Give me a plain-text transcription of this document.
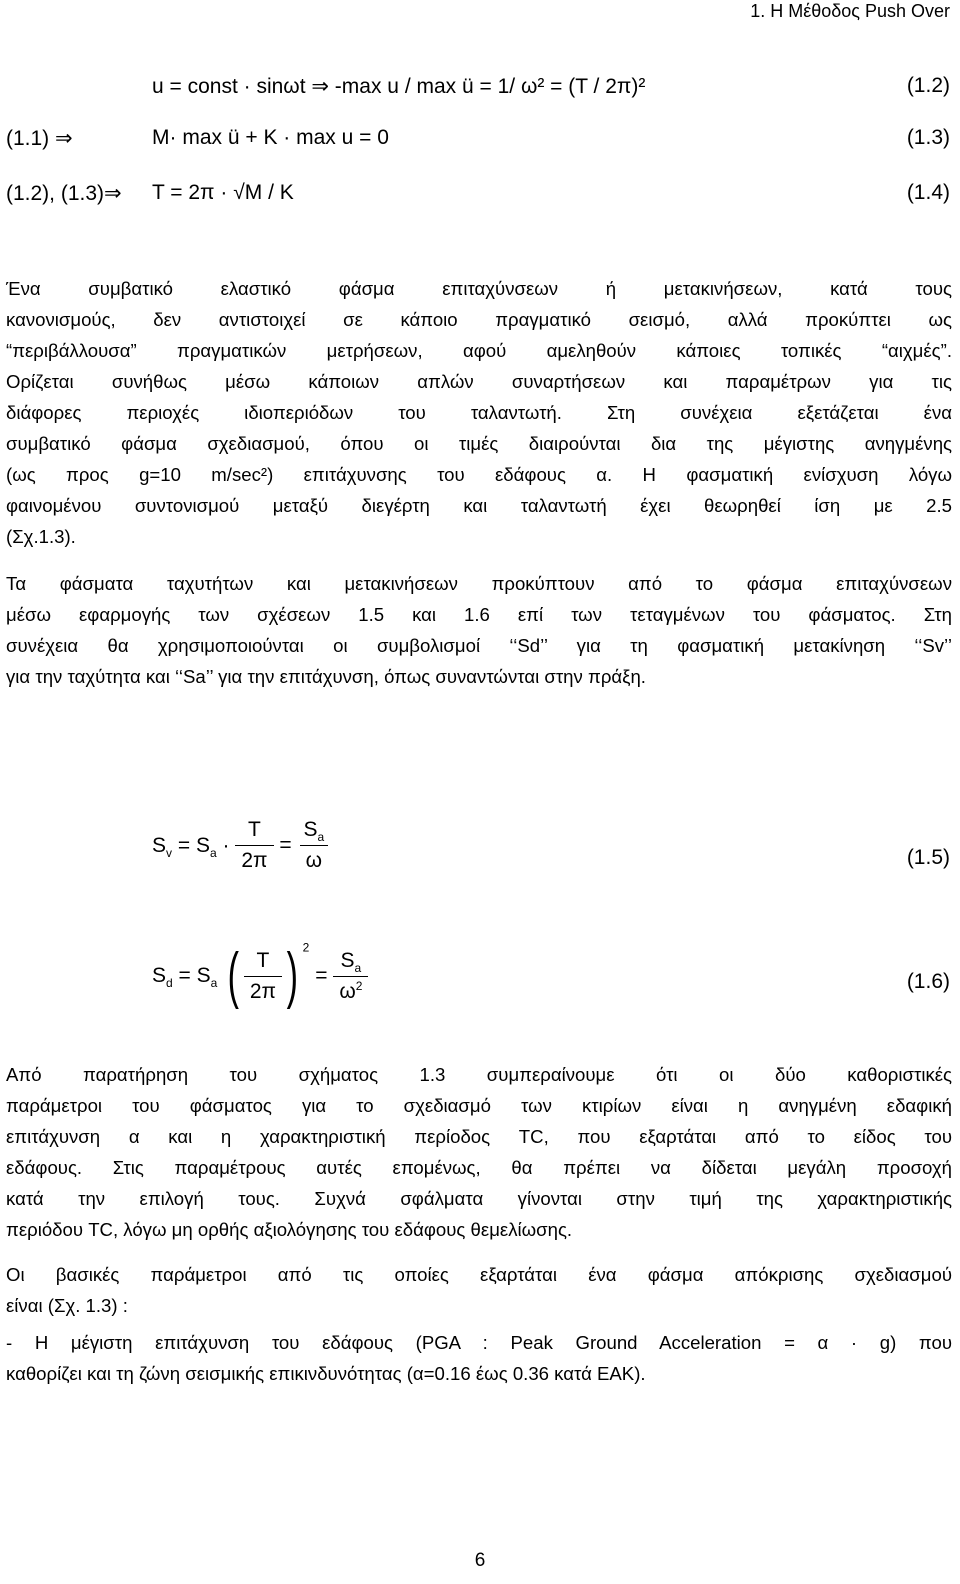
1. Η Μέθοδος Push Over
u = const · sinωt ⇒ -max u / max ü = 1/ ω² = (T / 2π)²	(1.2)
(1.1) ⇒	M· max ü + K · max u = 0	(1.3)
(1.2), (1.3)⇒ T = 2π · √M / K	(1.4)
Ένα συμβατικό ελαστικό φάσμα επιταχύνσεων ή μετακινήσεων, κατά τους
κανονισμούς, δεν αντιστοιχεί σε κάποιο πραγματικό σεισμό, αλλά προκύπτει ως
“περιβάλλουσα” πραγματικών μετρήσεων, αφού αμεληθούν κάποιες τοπικές “αιχμές”.
Ορίζεται συνήθως μέσω κάποιων απλών συναρτήσεων και παραμέτρων για τις
διάφορες περιοχές ιδιοπεριόδων του ταλαντωτή. Στη συνέχεια εξετάζεται ένα
συμβατικό φάσμα σχεδιασμού, όπου οι τιμές διαιρούνται δια της μέγιστης ανηγμένης
(ως προς g=10 m/sec²) επιτάχυνσης του εδάφους α. Η φασματική ενίσχυση λόγω
φαινομένου συντονισμού μεταξύ διεγέρτη και ταλαντωτή έχει θεωρηθεί ίση με 2.5
(Σχ.1.3).
Τα φάσματα ταχυτήτων και μετακινήσεων προκύπτουν από το φάσμα επιταχύνσεων
μέσω εφαρμογής των σχέσεων 1.5 και 1.6 επί των τεταγμένων του φάσματος. Στη
συνέχεια θα χρησιμοποιούνται οι συμβολισμοί ‘‘Sd’’ για τη φασματική μετακίνηση ‘‘Sv’’
για την ταχύτητα και ‘‘Sa’’ για την επιτάχυνση, όπως συναντώνται στην πράξη.
$S_v = S_a \cdot \frac{T}{2\pi} = \frac{S_a}{\omega}$	(1.5)
$S_d = S_a$ ( $\frac{T}{2\pi}$ ) $^2 = \frac{S_a}{\omega^2}$	(1.6)
Από παρατήρηση του σχήματος 1.3 συμπεραίνουμε ότι οι δύο καθοριστικές
παράμετροι του φάσματος για το σχεδιασμό των κτιρίων είναι η ανηγμένη εδαφική
επιτάχυνση α και η χαρακτηριστική περίοδος TC, που εξαρτάται από το είδος του
εδάφους. Στις παραμέτρους αυτές επομένως, θα πρέπει να δίδεται μεγάλη προσοχή
κατά την επιλογή τους. Συχνά σφάλματα γίνονται στην τιμή της χαρακτηριστικής
περιόδου TC, λόγω μη ορθής αξιολόγησης του εδάφους θεμελίωσης.
Οι βασικές παράμετροι από τις οποίες εξαρτάται ένα φάσμα απόκρισης σχεδιασμού
είναι (Σχ. 1.3) :
- Η μέγιστη επιτάχυνση του εδάφους (PGA : Peak Ground Acceleration = α · g) που
καθορίζει και τη ζώνη σεισμικής επικινδυνότητας (α=0.16 έως 0.36 κατά ΕΑΚ).
6
